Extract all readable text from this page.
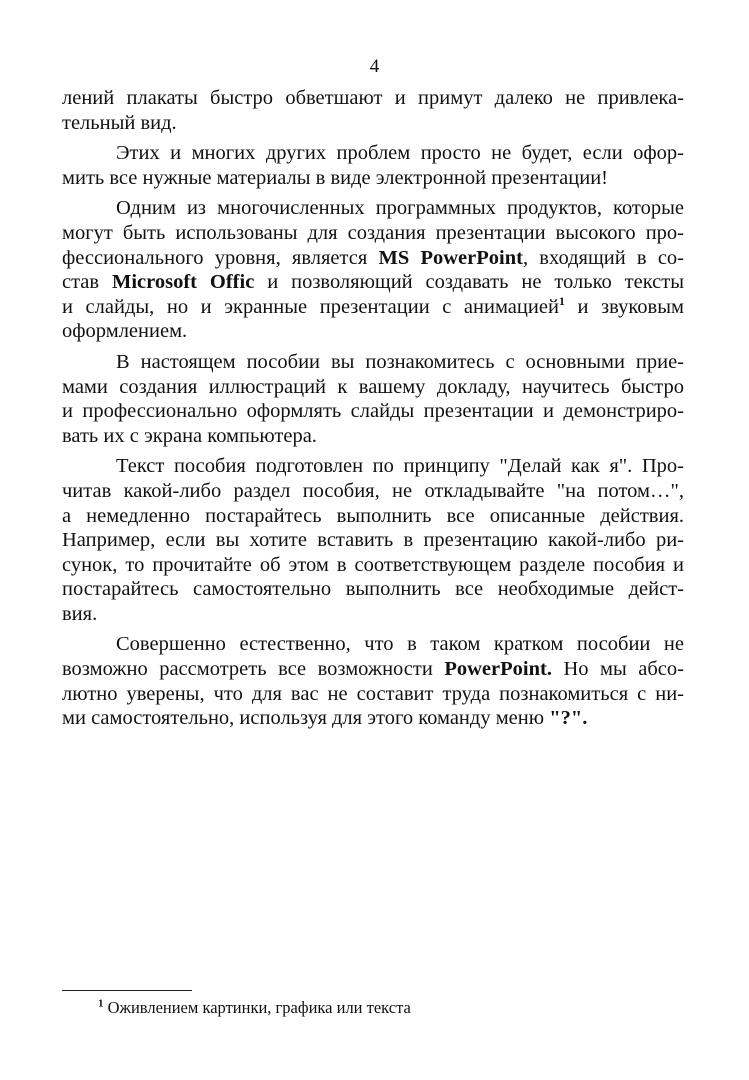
4
лений плакаты быстро обветшают и примут далеко не привлека-
тельный вид.
Этих и многих других проблем просто не будет, если офор-
мить все нужные материалы в виде электронной презентации!
Одним из многочисленных программных продуктов, которые
могут быть использованы для создания презентации высокого про-
фессионального уровня, является MS PowerPoint, входящий в со-
став Microsoft Offic и позволяющий создавать не только тексты
и слайды, но и экранные презентации с анимацией$^1$ и звуковым
оформлением.
В настоящем пособии вы познакомитесь с основными прие-
мами создания иллюстраций к вашему докладу, научитесь быстро
и профессионально оформлять слайды презентации и демонстриро-
вать их с экрана компьютера.
Текст пособия подготовлен по принципу "Делай как я". Про-
читав какой-либо раздел пособия, не откладывайте "на потом…",
а немедленно постарайтесь выполнить все описанные действия.
Например, если вы хотите вставить в презентацию какой-либо ри-
сунок, то прочитайте об этом в соответствующем разделе пособия и
постарайтесь самостоятельно выполнить все необходимые дейст-
вия.
Совершенно естественно, что в таком кратком пособии не
возможно рассмотреть все возможности PowerPoint. Но мы абсо-
лютно уверены, что для вас не составит труда познакомиться с ни-
ми самостоятельно, используя для этого команду меню "?".
$^1$ Оживлением картинки, графика или текста
